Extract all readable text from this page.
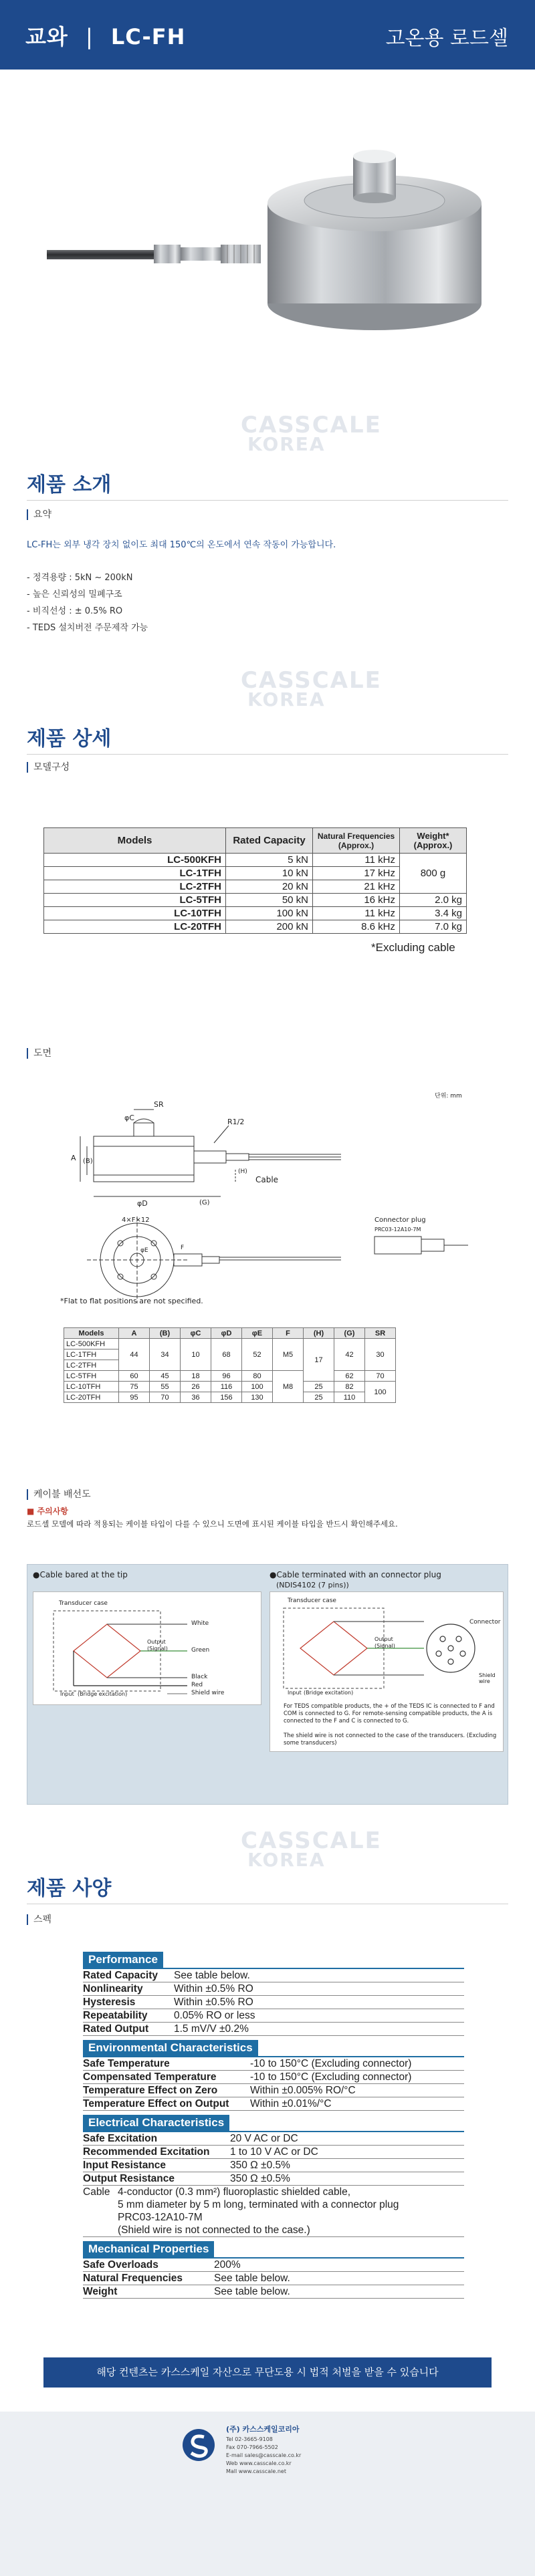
교와 | LC-FH	고온용 로드셀
CASSCALE
KOREA
제품 소개
요약
LC-FH는 외부 냉각 장치 없이도 최대 150℃의 온도에서 연속 작동이 가능합니다.
- 정격용량 : 5kN ~ 200kN
- 높은 신뢰성의 밀폐구조
- 비직선성 : ± 0.5% RO
- TEDS 설치버전 주문제작 가능
CASSCALE
KOREA
제품 상세
모델구성
Models	Rated Capacity	Natural Frequencies (Approx.)	Weight* (Approx.)
LC-500KFH	5 kN	11 kHz	800 g
LC-1TFH	10 kN	17 kHz	
LC-2TFH	20 kN	21 kHz	
LC-5TFH	50 kN	16 kHz	2.0 kg
LC-10TFH	100 kN	11 kHz	3.4 kg
LC-20TFH	200 kN	8.6 kHz	7.0 kg
*Excluding cable
도면
단위: mm
SR
φC	R1/2
A (B)
φD	(G)
Cable
(H)
4×F×12
φE	F
Connector plug
PRC03-12A10-7M
*Flat to flat positions are not specified.
Models	A	(B)	φC	φD	φE	F	(H)	(G)	SR
LC-500KFH	44	34	10	68	52	M5	17	42	30
LC-1TFH									
LC-2TFH									
LC-5TFH	60	45	18	96	80	M8		62	70
LC-10TFH	75	55	26	116	100		25	82	100
LC-20TFH	95	70	36	156	130		25	110	
케이블 배선도
■ 주의사항
로드셀 모델에 따라 적용되는 케이블 타입이 다를 수 있으니 도면에 표시된 케이블 타입을 반드시 확인해주세요.
●Cable bared at the tip	●Cable terminated with an connector plug
(NDIS4102 (7 pins))
Transducer case
Output
(Signal)
Input (Bridge excitation)
White
Green
Black
Red
Shield wire
Transducer case
Connector
Shield wire
Output
(Signal)
Input (Bridge excitation)
For TEDS compatible products, the + of the TEDS IC is connected to F and COM is connected to G. For remote-sensing compatible products, the A is connected to the F and C is connected to G.
The shield wire is not connected to the case of the transducers. (Excluding some transducers)
CASSCALE
KOREA
제품 사양
스펙
Performance
Rated Capacity	See table below.
Nonlinearity	Within ±0.5% RO
Hysteresis	Within ±0.5% RO
Repeatability	0.05% RO or less
Rated Output	1.5 mV/V ±0.2%
Environmental Characteristics
Safe Temperature	-10 to 150°C (Excluding connector)
Compensated Temperature	-10 to 150°C (Excluding connector)
Temperature Effect on Zero	Within ±0.005% RO/°C
Temperature Effect on Output	Within ±0.01%/°C
Electrical Characteristics
Safe Excitation	20 V AC or DC
Recommended Excitation	1 to 10 V AC or DC
Input Resistance	350 Ω ±0.5%
Output Resistance	350 Ω ±0.5%
Cable 4-conductor (0.3 mm²) fluoroplastic shielded cable,
5 mm diameter by 5 m long, terminated with a connector plug
PRC03-12A10-7M
(Shield wire is not connected to the case.)
Mechanical Properties
Safe Overloads	200%
Natural Frequencies	See table below.
Weight	See table below.
해당 컨텐츠는 카스스케일 자산으로 무단도용 시 법적 처벌을 받을 수 있습니다
(주) 카스스케일코리아
Tel 02-3665-9108
Fax 070-7966-5502
E-mail sales@casscale.co.kr
Web www.casscale.co.kr
Mall www.casscale.net
